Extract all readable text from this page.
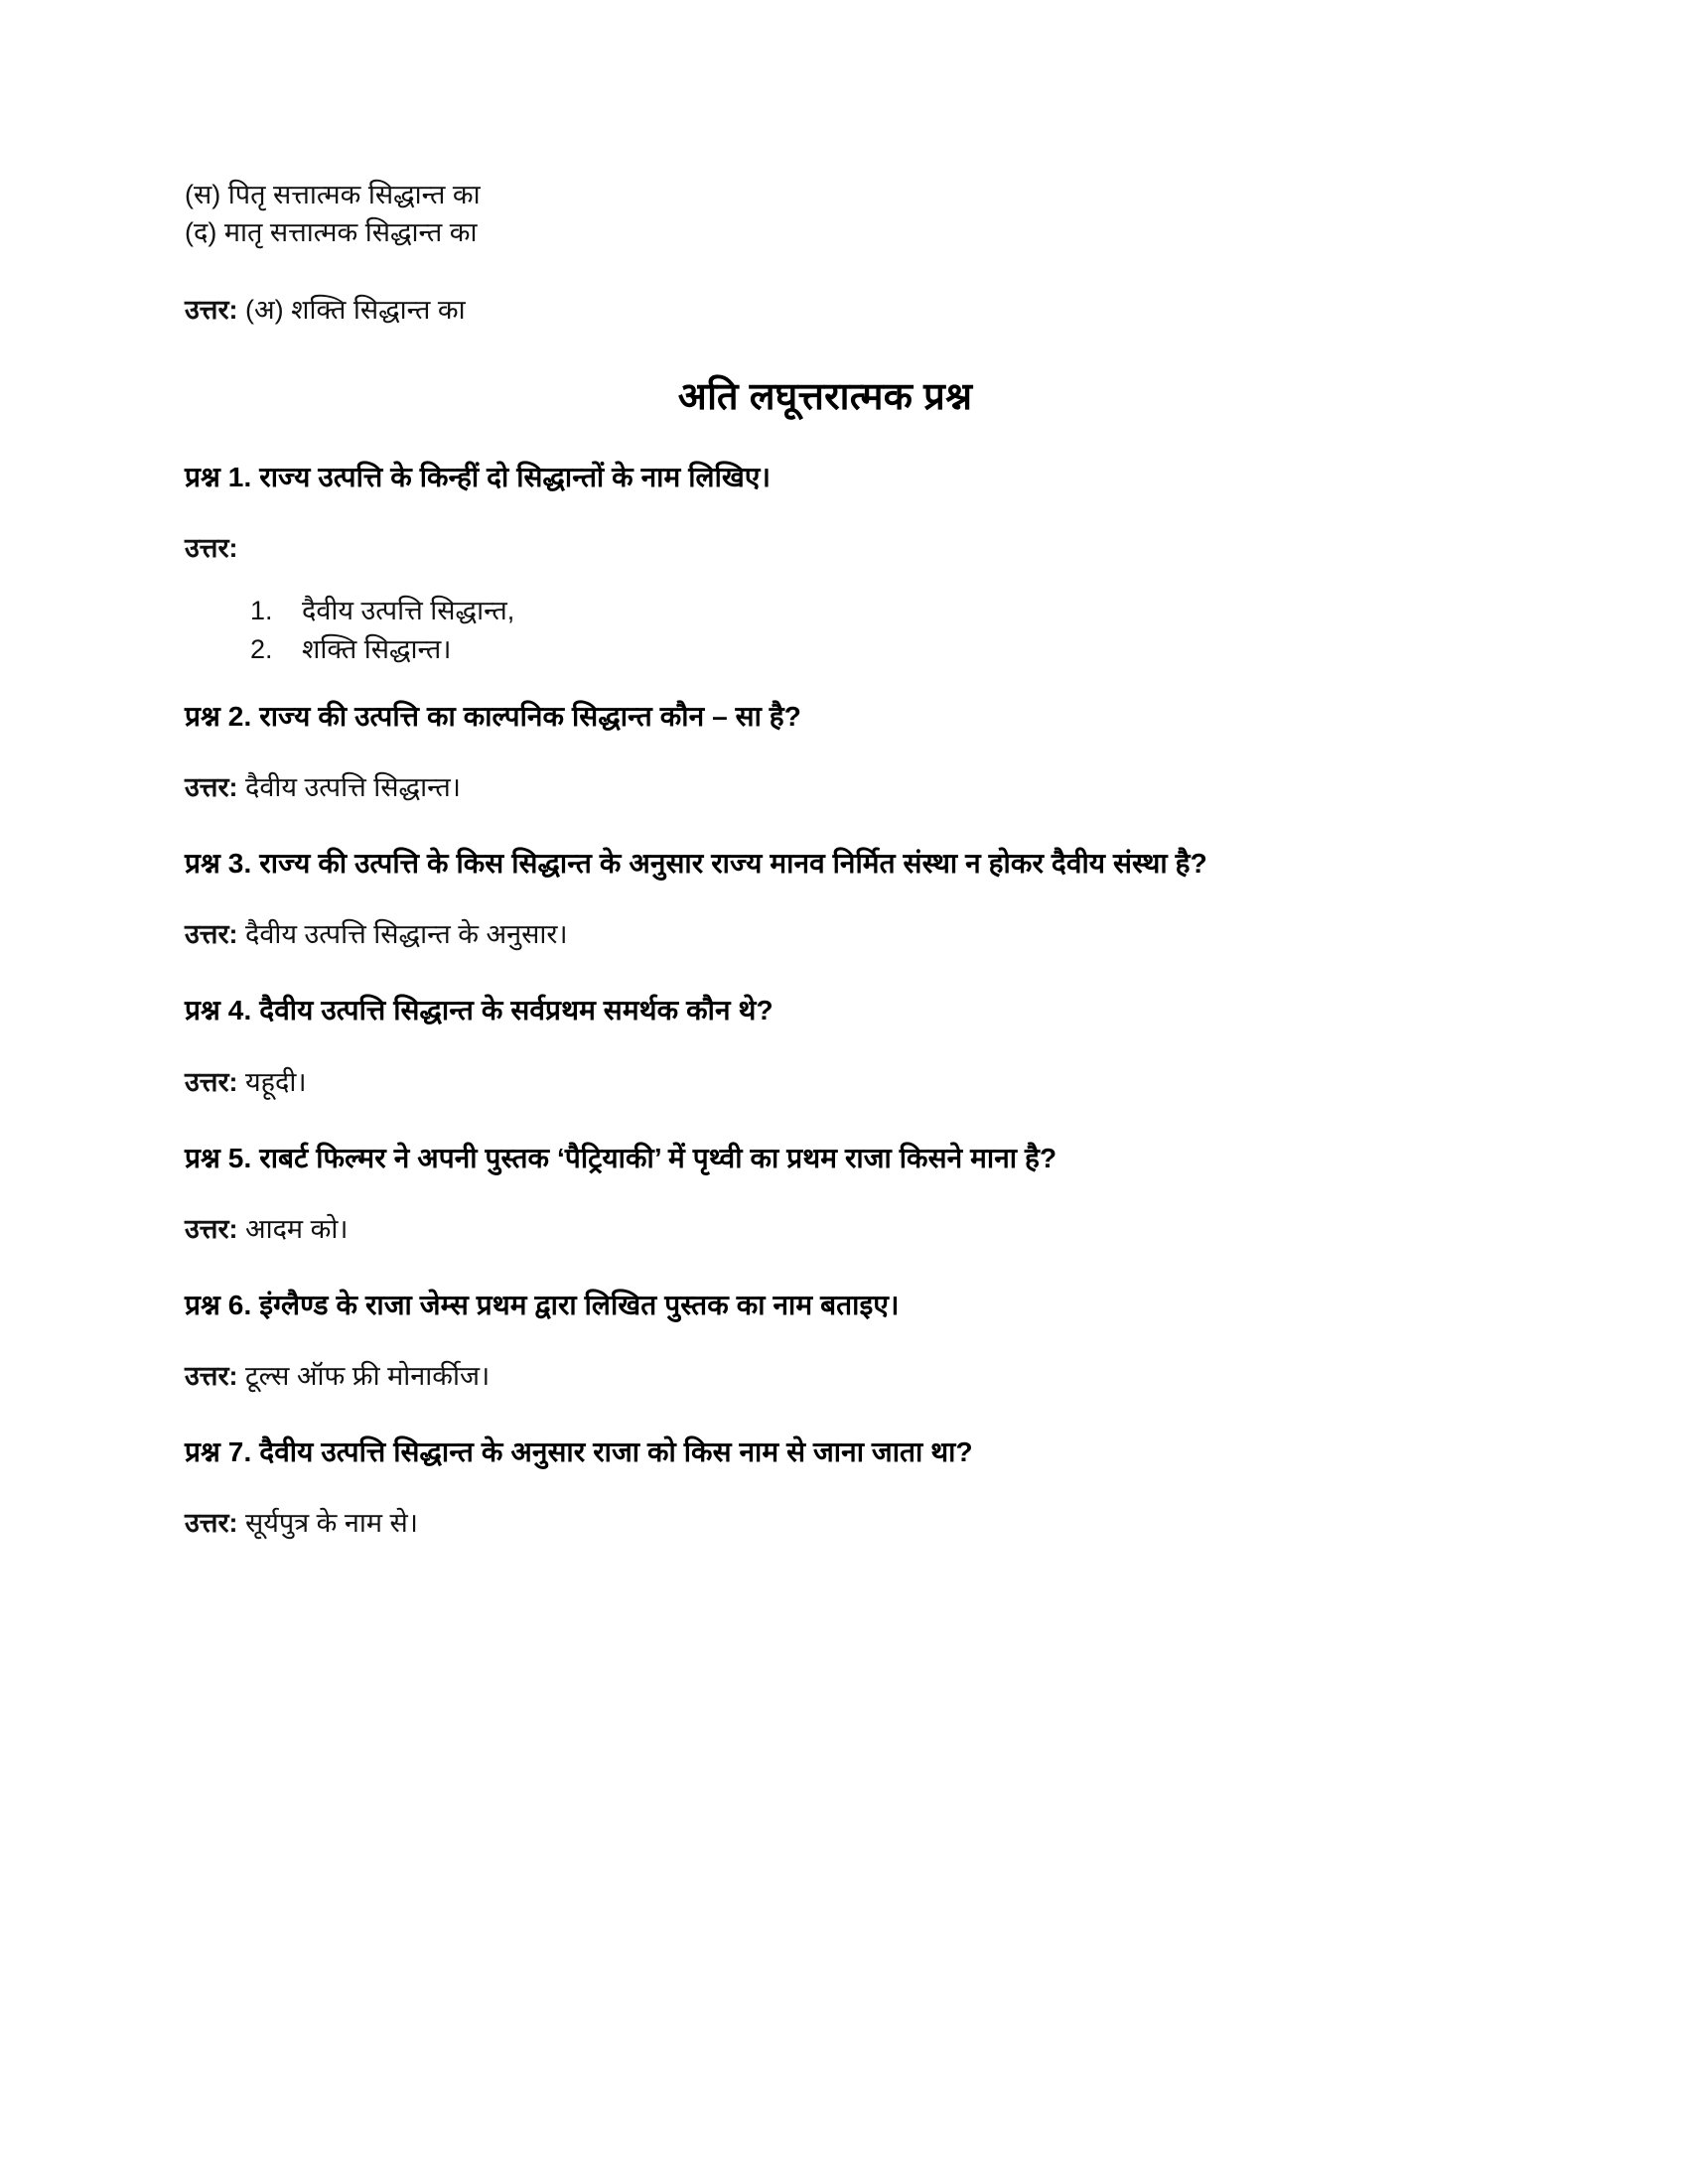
(स) पितृ सत्तात्मक सिद्धान्त का

(द) मातृ सत्तात्मक सिद्धान्त का

उत्तर: (अ) शक्ति सिद्धान्त का

अति लघूत्तरात्मक प्रश्न

प्रश्न 1. राज्य उत्पत्ति के किन्हीं दो सिद्धान्तों के नाम लिखिए।

उत्तर:

1. दैवीय उत्पत्ति सिद्धान्त,
2. शक्ति सिद्धान्त।

प्रश्न 2. राज्य की उत्पत्ति का काल्पनिक सिद्धान्त कौन – सा है?

उत्तर: दैवीय उत्पत्ति सिद्धान्त।

प्रश्न 3. राज्य की उत्पत्ति के किस सिद्धान्त के अनुसार राज्य मानव निर्मित संस्था न होकर दैवीय संस्था है?

उत्तर: दैवीय उत्पत्ति सिद्धान्त के अनुसार।

प्रश्न 4. दैवीय उत्पत्ति सिद्धान्त के सर्वप्रथम समर्थक कौन थे?

उत्तर: यहूदी।

प्रश्न 5. राबर्ट फिल्मर ने अपनी पुस्तक ‘पैट्रियाकी’ में पृथ्वी का प्रथम राजा किसने माना है?

उत्तर: आदम को।

प्रश्न 6. इंग्लैण्ड के राजा जेम्स प्रथम द्वारा लिखित पुस्तक का नाम बताइए।

उत्तर: टूल्स ऑफ फ्री मोनार्कीज।

प्रश्न 7. दैवीय उत्पत्ति सिद्धान्त के अनुसार राजा को किस नाम से जाना जाता था?

उत्तर: सूर्यपुत्र के नाम से।
